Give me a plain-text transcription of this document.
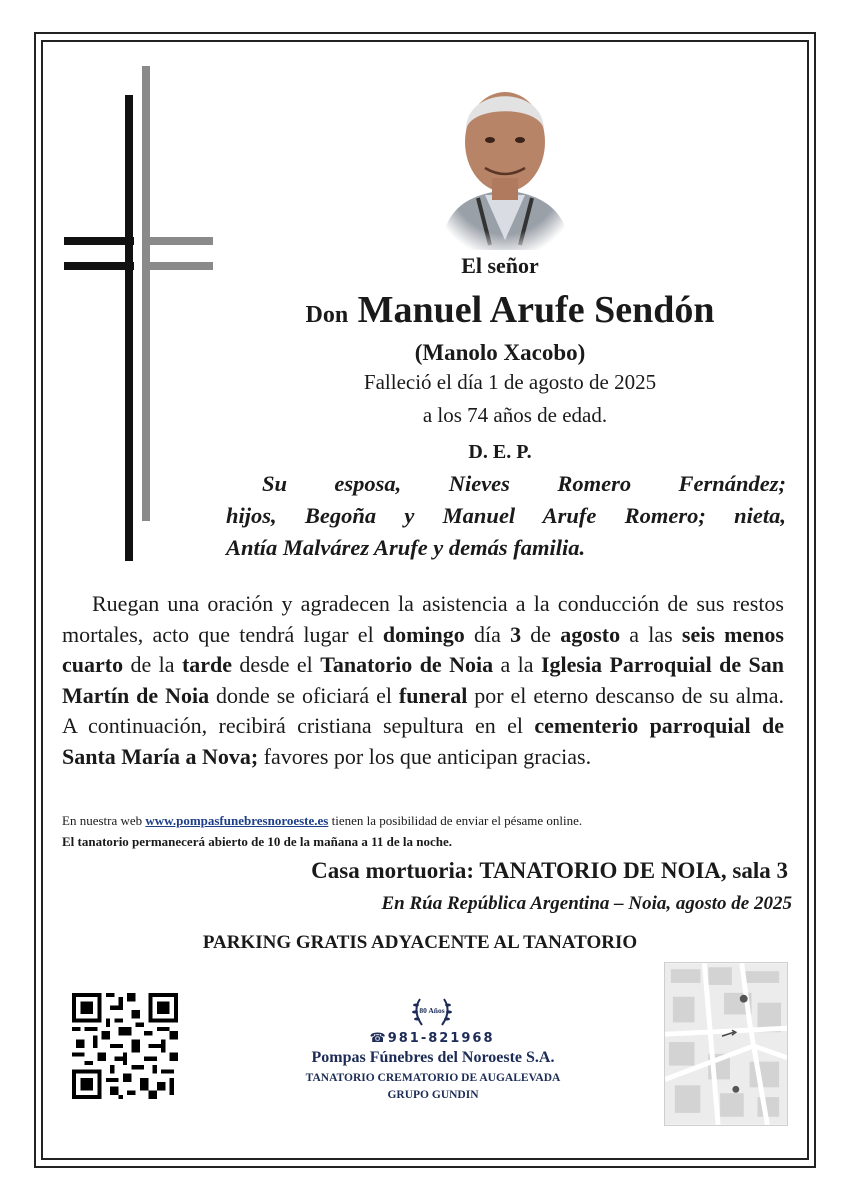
El señor
Don Manuel Arufe Sendón
(Manolo Xacobo)
Falleció el día 1 de agosto de 2025
a los 74 años de edad.
D. E. P.
Su esposa, Nieves Romero Fernández;
hijos, Begoña y Manuel Arufe Romero; nieta,
Antía Malvárez Arufe y demás familia.
Ruegan una oración y agradecen la asistencia a la conducción de sus restos mortales, acto que tendrá lugar el domingo día 3 de agosto a las seis menos cuarto de la tarde desde el Tanatorio de Noia a la Iglesia Parroquial de San Martín de Noia donde se oficiará el funeral por el eterno descanso de su alma. A continuación, recibirá cristiana sepultura en el cementerio parroquial de Santa María a Nova; favores por los que anticipan gracias.
En nuestra web www.pompasfunebresnoroeste.es tienen la posibilidad de enviar el pésame online.
El tanatorio permanecerá abierto de 10 de la mañana a 11 de la noche.
Casa mortuoria: TANATORIO DE NOIA, sala 3
En Rúa República Argentina – Noia, agosto de 2025
PARKING GRATIS ADYACENTE AL TANATORIO
80 Años
☎981-821968
Pompas Fúnebres del Noroeste S.A.
TANATORIO CREMATORIO DE AUGALEVADA
GRUPO GUNDIN
